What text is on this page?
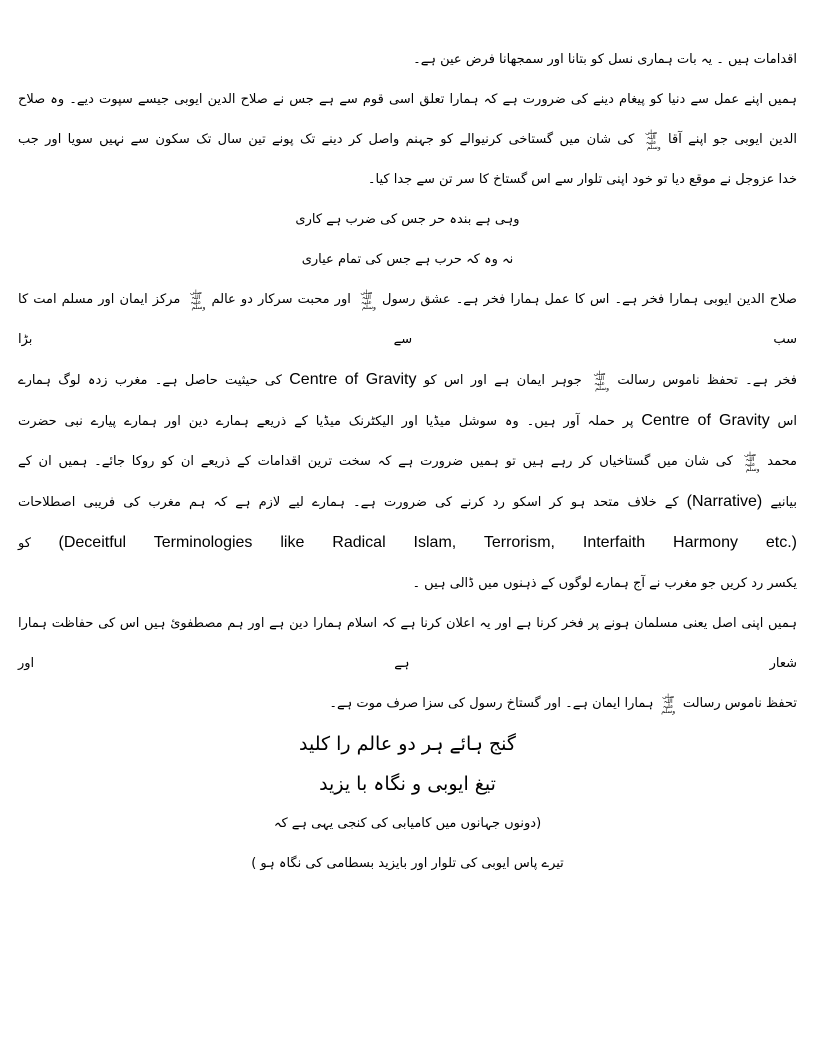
اقدامات ہیں ۔ یہ بات ہماری نسل کو بتانا اور سمجھانا فرض عین ہے۔
ہمیں اپنے عمل سے دنیا کو پیغام دینے کی ضرورت ہے کہ ہمارا تعلق اسی قوم سے ہے جس نے صلاح الدین ایوبی جیسے سپوت دیے۔ وہ صلاح
الدین ایوبی جو اپنے آقا صلی اللہ علیہ وسلم کی شان میں گستاخی کرنیوالے کو جہنم واصل کر دینے تک پونے تین سال تک سکون سے نہیں سویا اور جب
خدا عزوجل نے موقع دیا تو خود اپنی تلوار سے اس گستاخ کا سر تن سے جدا کیا۔
وہی ہے بندہ حر جس کی ضرب ہے کاری
نہ وہ کہ حرب ہے جس کی تمام عیاری
صلاح الدین ایوبی ہمارا فخر ہے۔ اس کا عمل ہمارا فخر ہے۔ عشق رسول صلی اللہ علیہ وسلم اور محبت سرکار دو عالم صلی اللہ علیہ وسلم مرکز ایمان اور مسلم امت کا سب سے بڑا
فخر ہے۔ تحفظ ناموس رسالت صلی اللہ علیہ وسلم جوہر ایمان ہے اور اس کو Centre of Gravity کی حیثیت حاصل ہے۔ مغرب زدہ لوگ ہمارے
اس Centre of Gravity پر حملہ آور ہیں۔ وہ سوشل میڈیا اور الیکٹرنک میڈیا کے ذریعے ہمارے دین اور ہمارے پیارے نبی حضرت
محمد صلی اللہ علیہ وسلم کی شان میں گستاخیاں کر رہے ہیں تو ہمیں ضرورت ہے کہ سخت ترین اقدامات کے ذریعے ان کو روکا جائے۔ ہمیں ان کے
بیانیے (Narrative) کے خلاف متحد ہو کر اسکو رد کرنے کی ضرورت ہے۔ ہمارے لیے لازم ہے کہ ہم مغرب کی فریبی اصطلاحات
(Deceitful Terminologies like Radical Islam, Terrorism, Interfaith Harmony etc.) کو
یکسر رد کریں جو مغرب نے آج ہمارے لوگوں کے ذہنوں میں ڈالی ہیں ۔
ہمیں اپنی اصل یعنی مسلمان ہونے پر فخر کرنا ہے اور یہ اعلان کرنا ہے کہ اسلام ہمارا دین ہے اور ہم مصطفویٔ ہیں اس کی حفاظت ہمارا شعار ہے اور
تحفظ ناموس رسالت صلی اللہ علیہ وسلم ہمارا ایمان ہے۔ اور گستاخ رسول کی سزا صرف موت ہے۔
گنج ہائے ہر دو عالم را کلید
تیغ ایوبی و نگاہ با یزید
(دونوں جہانوں میں کامیابی کی کنجی یہی ہے کہ
تیرے پاس ایوبی کی تلوار اور بایزید بسطامی کی نگاہ ہو )
